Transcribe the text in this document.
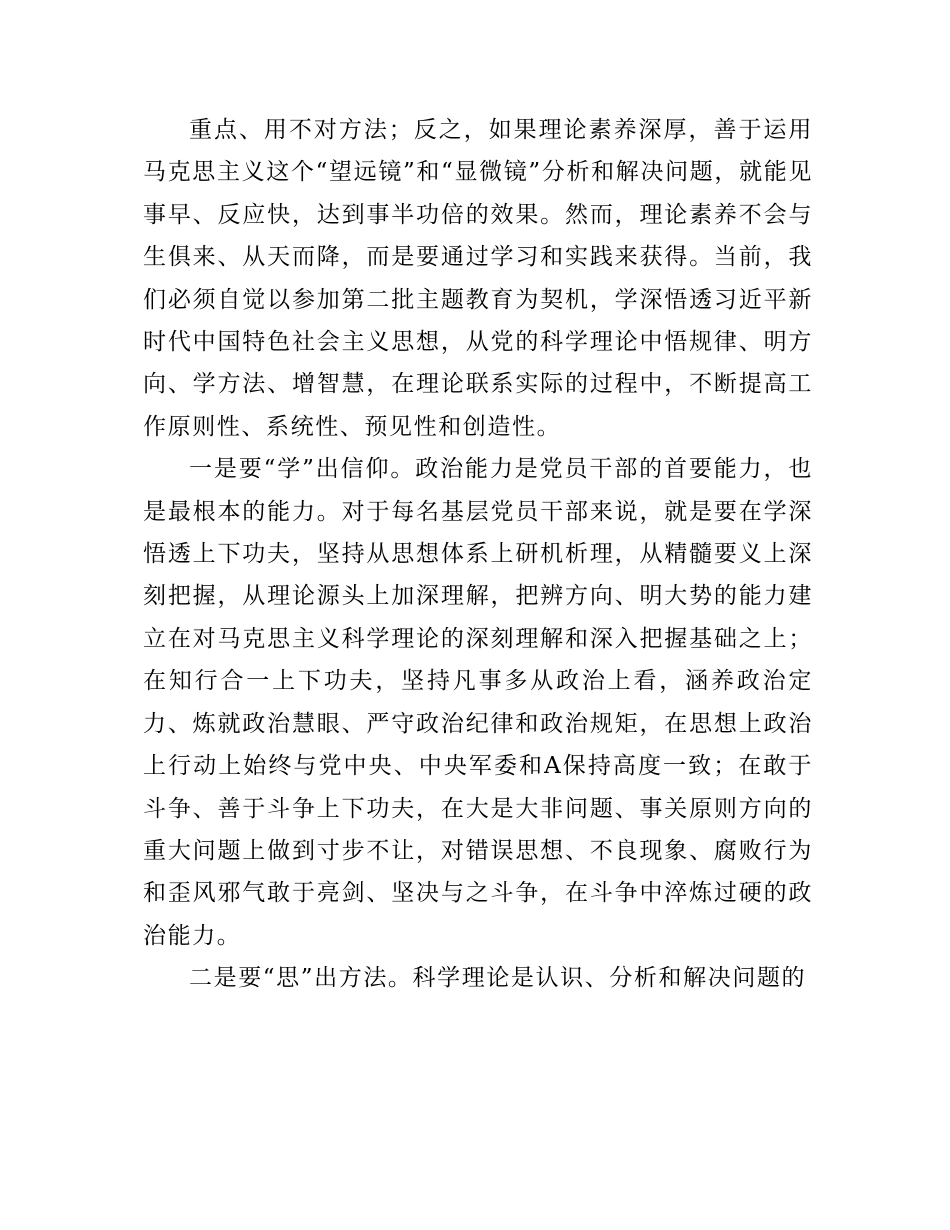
重点、用不对方法；反之，如果理论素养深厚，善于运用马克思主义这个“望远镜”和“显微镜”分析和解决问题，就能见事早、反应快，达到事半功倍的效果。然而，理论素养不会与生俱来、从天而降，而是要通过学习和实践来获得。当前，我们必须自觉以参加第二批主题教育为契机，学深悟透习近平新时代中国特色社会主义思想，从党的科学理论中悟规律、明方向、学方法、增智慧，在理论联系实际的过程中，不断提高工作原则性、系统性、预见性和创造性。

一是要“学”出信仰。政治能力是党员干部的首要能力，也是最根本的能力。对于每名基层党员干部来说，就是要在学深悟透上下功夫，坚持从思想体系上研机析理，从精髓要义上深刻把握，从理论源头上加深理解，把辨方向、明大势的能力建立在对马克思主义科学理论的深刻理解和深入把握基础之上；在知行合一上下功夫，坚持凡事多从政治上看，涵养政治定力、炼就政治慧眼、严守政治纪律和政治规矩，在思想上政治上行动上始终与党中央、中央军委和A保持高度一致；在敢于斗争、善于斗争上下功夫，在大是大非问题、事关原则方向的重大问题上做到寸步不让，对错误思想、不良现象、腐败行为和歪风邪气敢于亮剑、坚决与之斗争，在斗争中淬炼过硬的政治能力。

二是要“思”出方法。科学理论是认识、分析和解决问题的
